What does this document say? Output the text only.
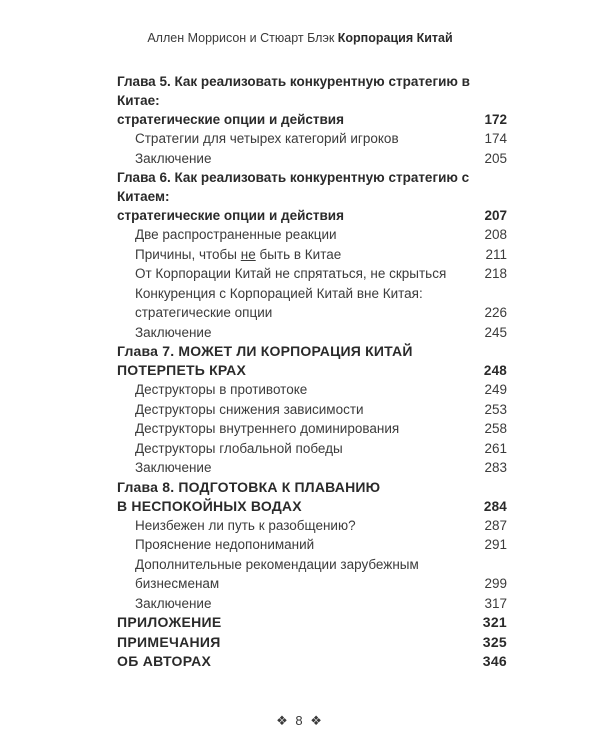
Аллен Моррисон и Стюарт Блэк Корпорация Китай
Глава 5. Как реализовать конкурентную стратегию в Китае:
стратегические опции и действия	172
Стратегии для четырех категорий игроков	174
Заключение	205
Глава 6. Как реализовать конкурентную стратегию с Китаем:
стратегические опции и действия	207
Две распространенные реакции	208
Причины, чтобы не быть в Китае	211
От Корпорации Китай не спрятаться, не скрыться	218
Конкуренция с Корпорацией Китай вне Китая:
стратегические опции	226
Заключение	245
Глава 7. МОЖЕТ ЛИ КОРПОРАЦИЯ КИТАЙ
ПОТЕРПЕТЬ КРАХ	248
Деструкторы в противотоке	249
Деструкторы снижения зависимости	253
Деструкторы внутреннего доминирования	258
Деструкторы глобальной победы	261
Заключение	283
Глава 8. ПОДГОТОВКА К ПЛАВАНИЮ
В НЕСПОКОЙНЫХ ВОДАХ	284
Неизбежен ли путь к разобщению?	287
Прояснение недопониманий	291
Дополнительные рекомендации зарубежным бизнесменам	299
Заключение	317
ПРИЛОЖЕНИЕ	321
ПРИМЕЧАНИЯ	325
ОБ АВТОРАХ	346
❖ 8 ❖
